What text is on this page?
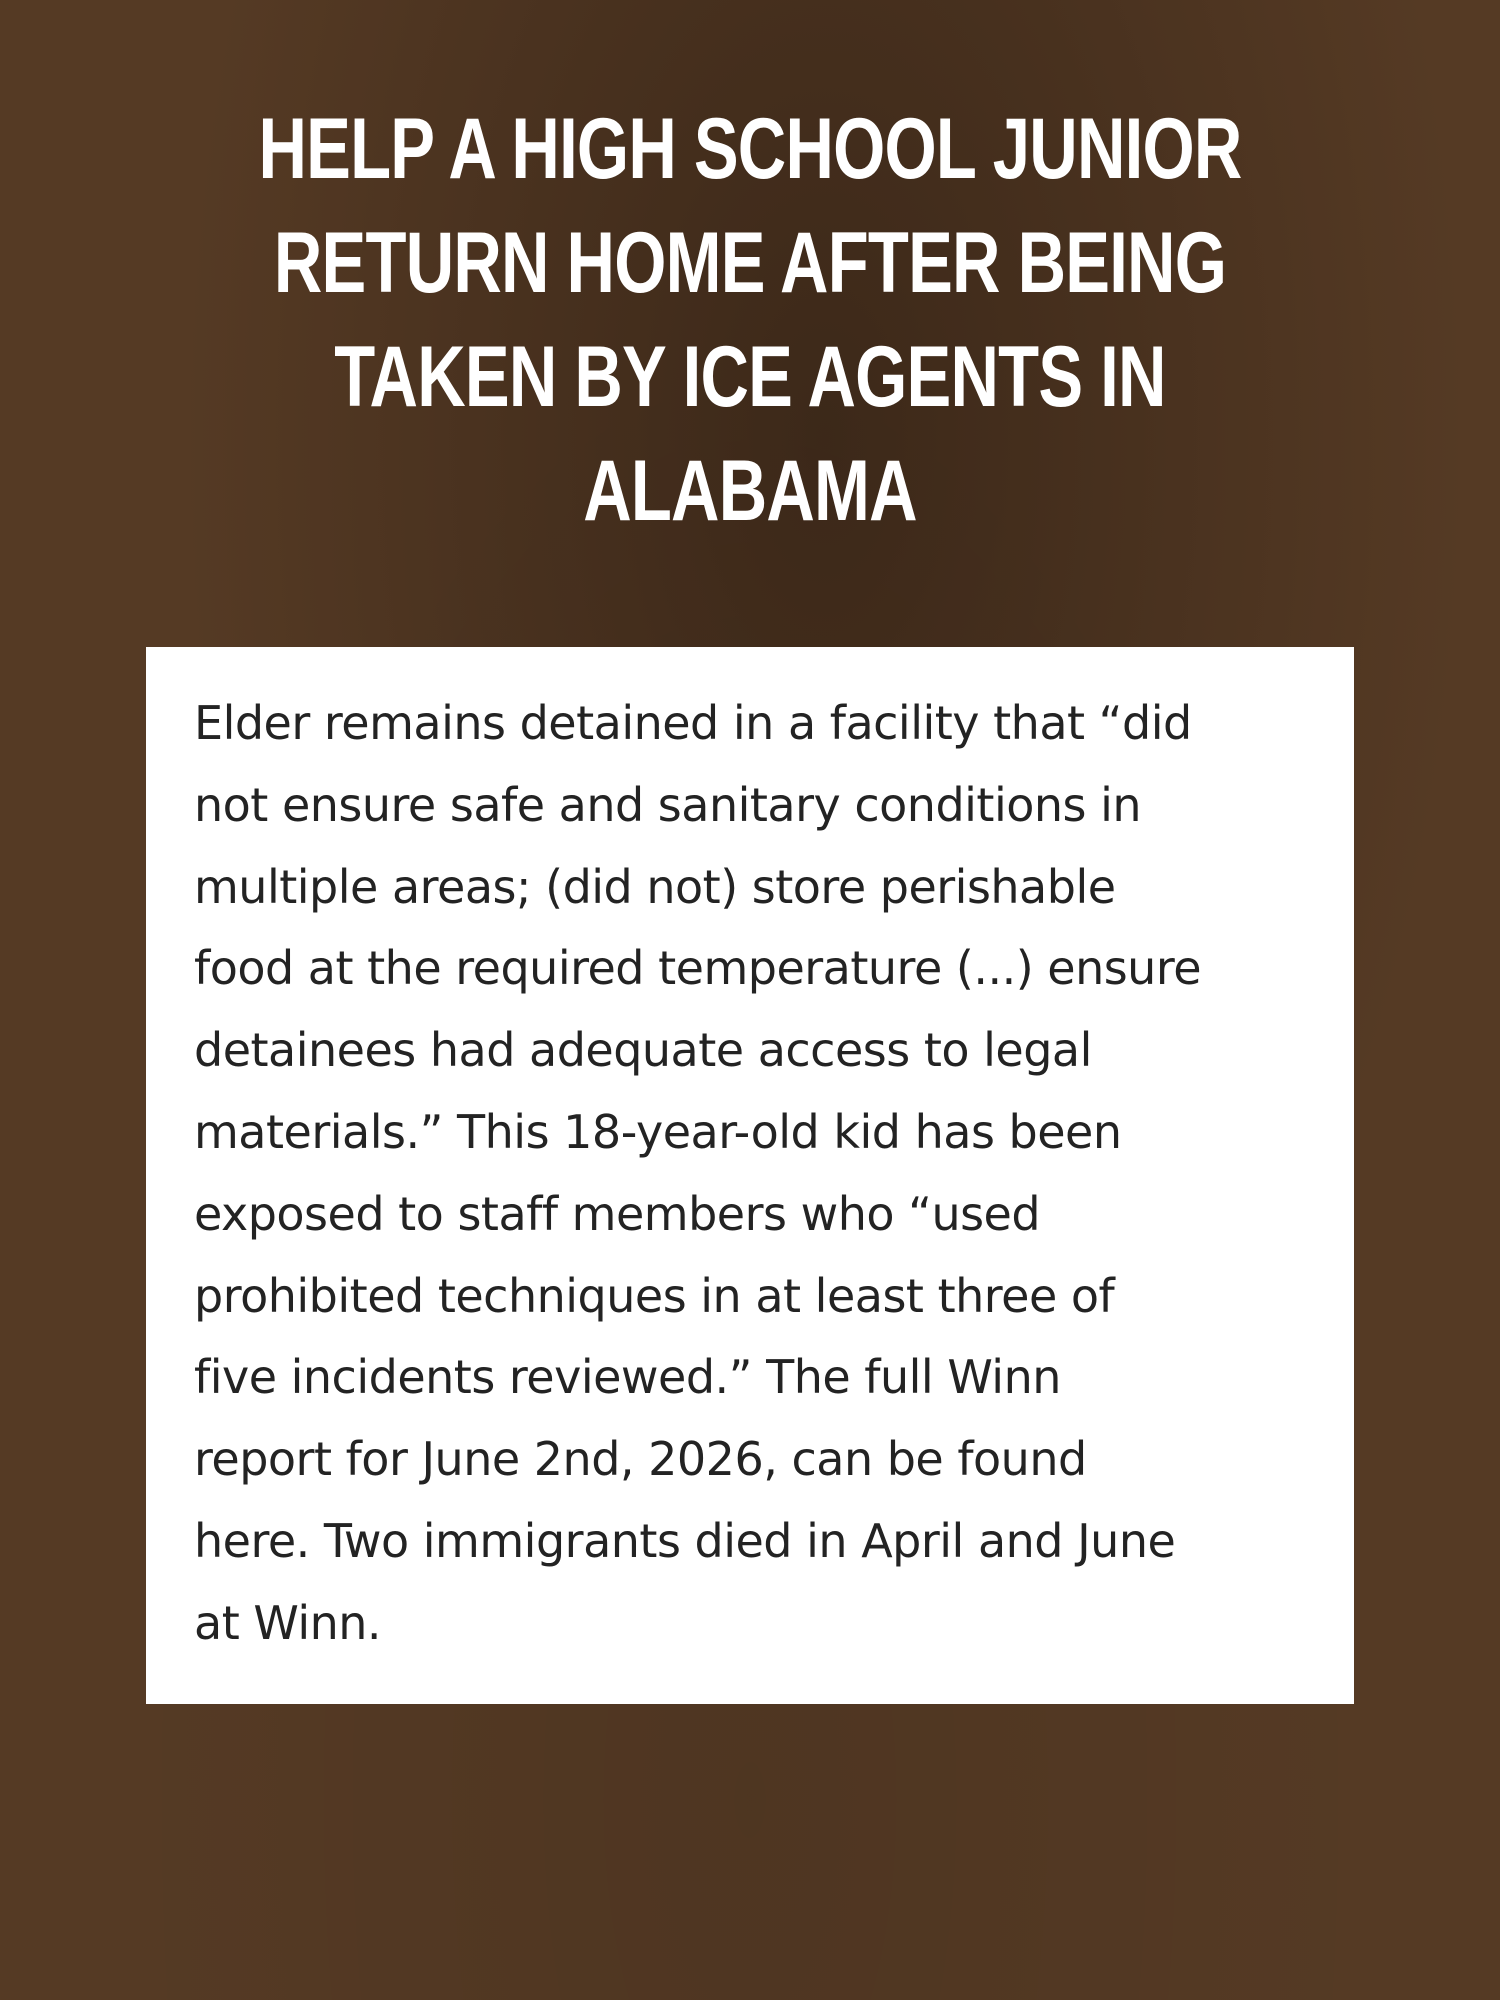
HELP A HIGH SCHOOL JUNIOR RETURN HOME AFTER BEING TAKEN BY ICE AGENTS IN ALABAMA

Elder remains detained in a facility that “did
not ensure safe and sanitary conditions in
multiple areas; (did not) store perishable
food at the required temperature (...) ensure
detainees had adequate access to legal
materials.” This 18-year-old kid has been
exposed to staff members who “used
prohibited techniques in at least three of
five incidents reviewed.” The full Winn
report for June 2nd, 2026, can be found
here. Two immigrants died in April and June
at Winn.
